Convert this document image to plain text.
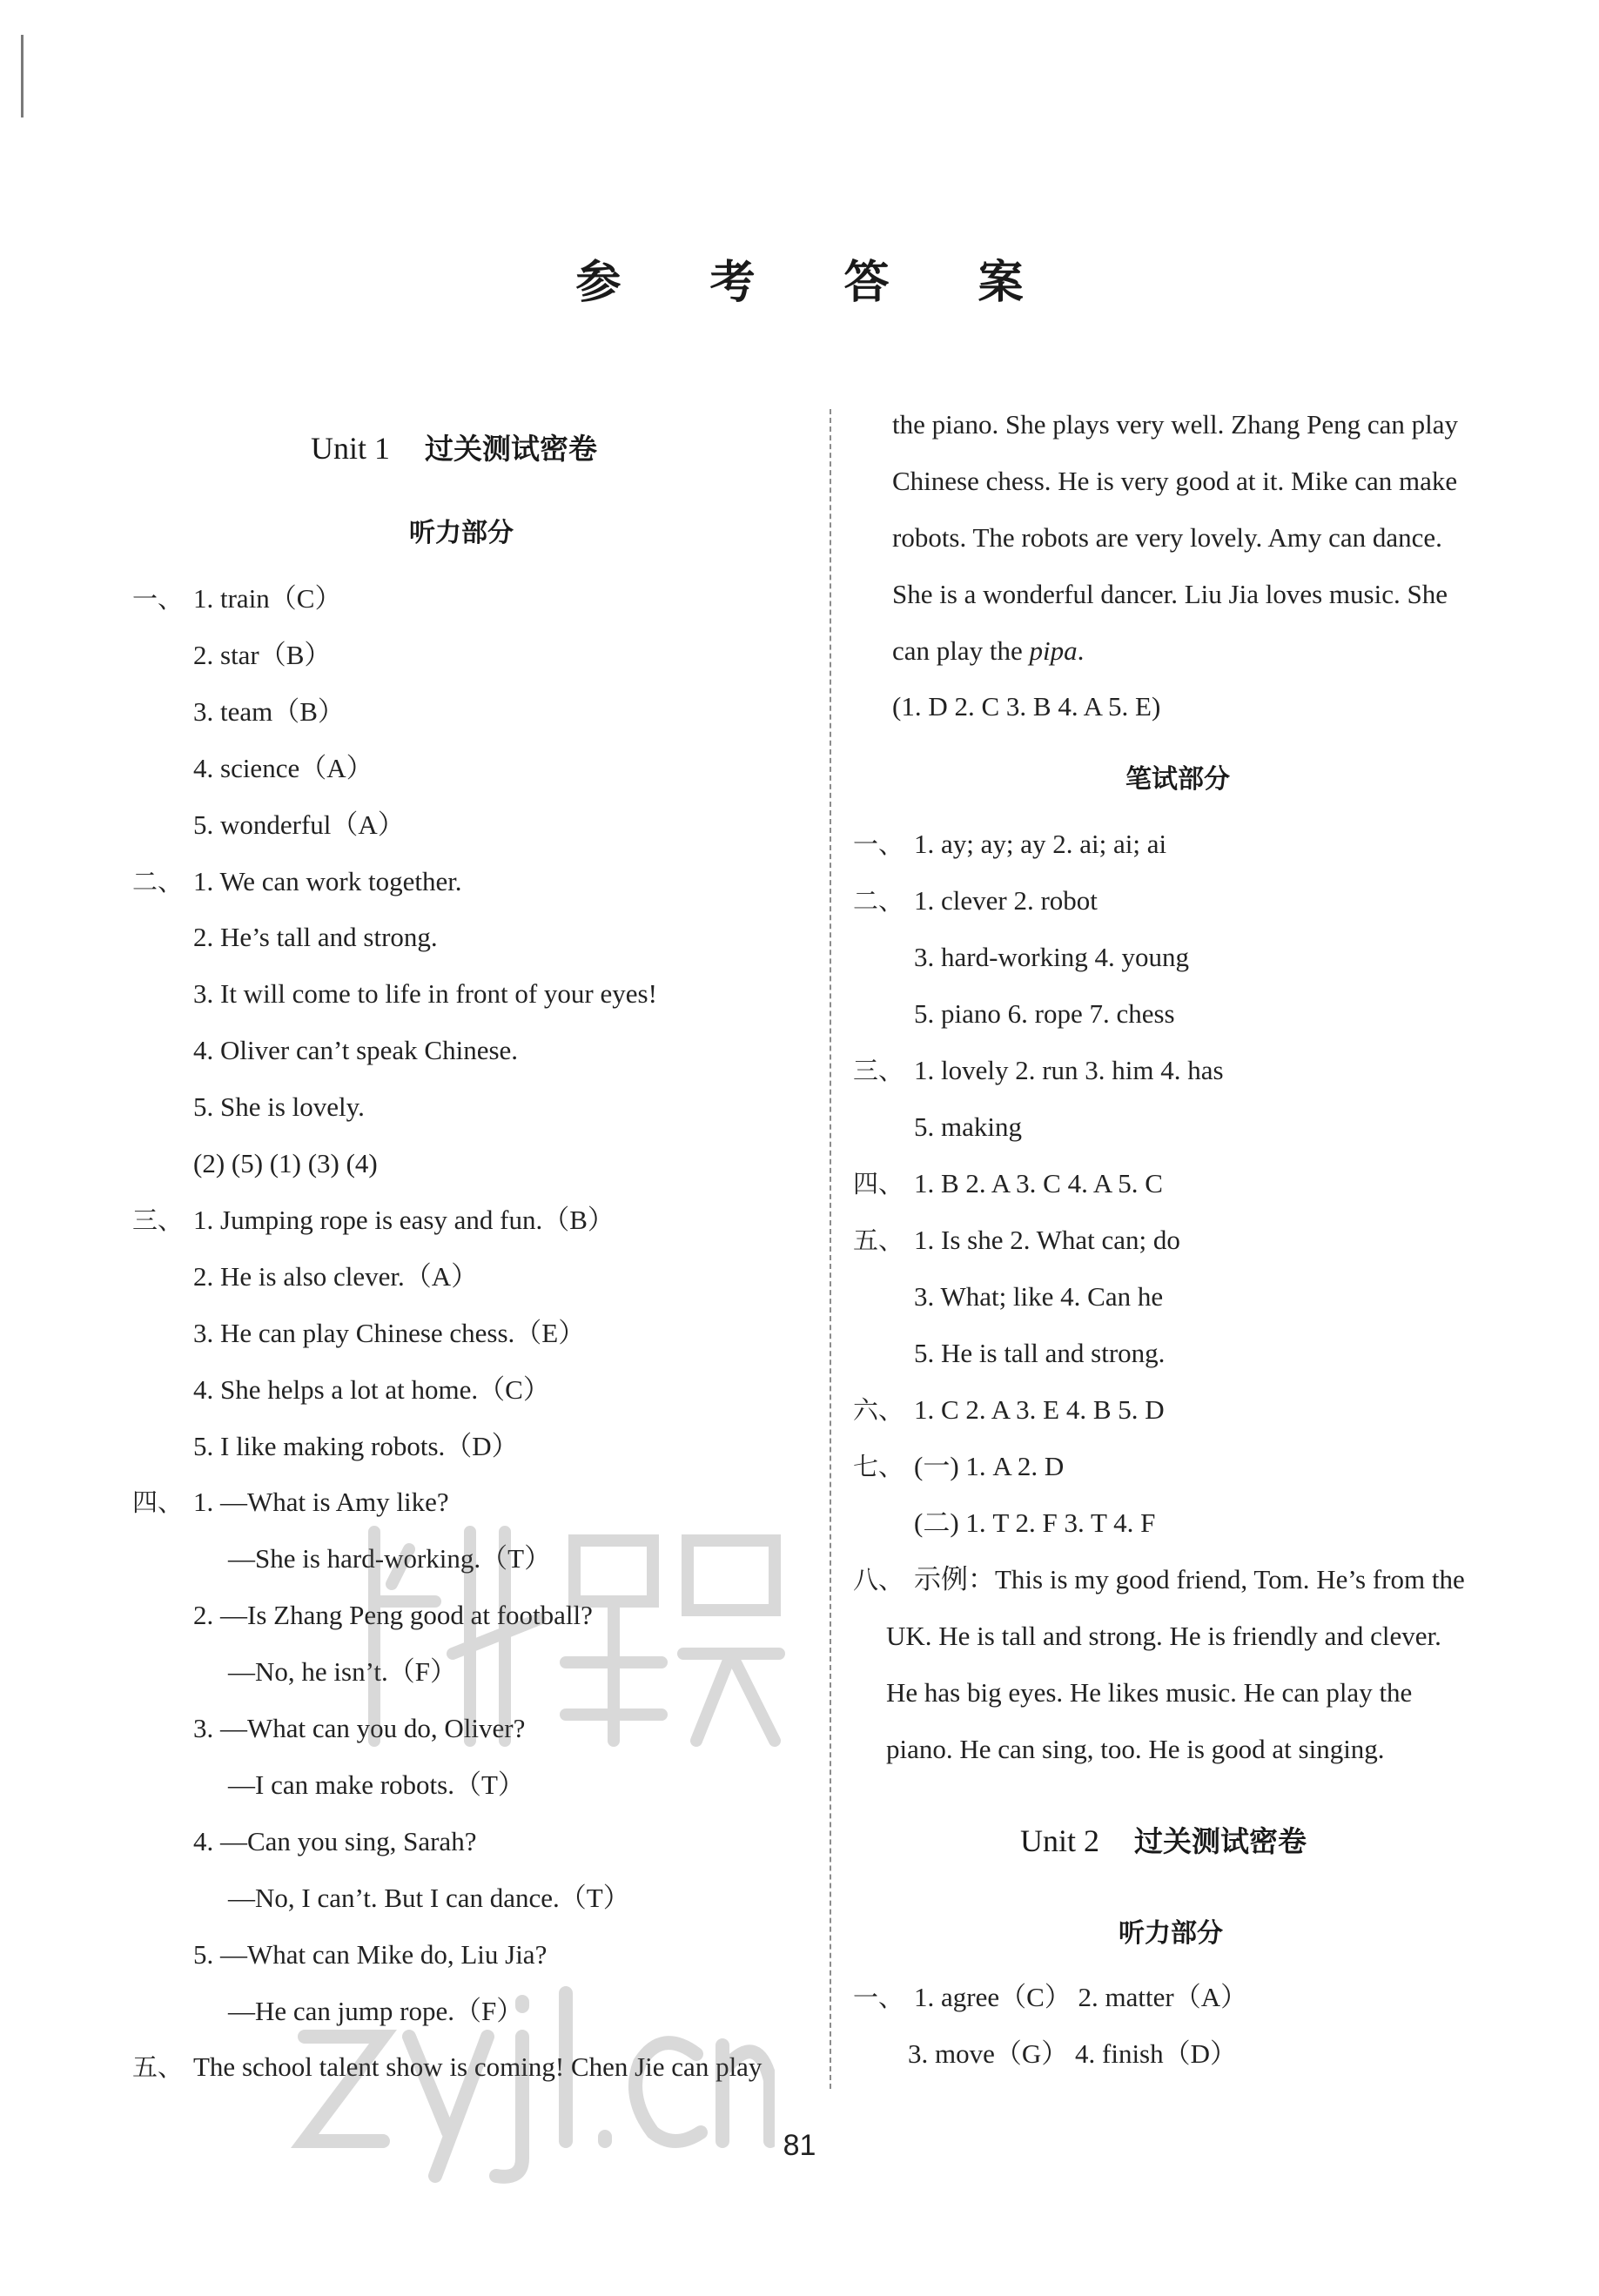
参 考 答 案
Unit 1 过关测试密卷
听力部分
一、 1. train（C）
2. star（B）
3. team（B）
4. science（A）
5. wonderful（A）
二、 1. We can work together.
2. He’s tall and strong.
3. It will come to life in front of your eyes!
4. Oliver can’t speak Chinese.
5. She is lovely.
(2) (5) (1) (3) (4)
三、 1. Jumping rope is easy and fun.（B）
2. He is also clever.（A）
3. He can play Chinese chess.（E）
4. She helps a lot at home.（C）
5. I like making robots.（D）
四、 1. —What is Amy like?
—She is hard-working.（T）
2. —Is Zhang Peng good at football?
—No, he isn’t.（F）
3. —What can you do, Oliver?
—I can make robots.（T）
4. —Can you sing, Sarah?
—No, I can’t. But I can dance.（T）
5. —What can Mike do, Liu Jia?
—He can jump rope.（F）
五、 The school talent show is coming! Chen Jie can play
the piano. She plays very well. Zhang Peng can play
Chinese chess. He is very good at it. Mike can make
robots. The robots are very lovely. Amy can dance.
She is a wonderful dancer. Liu Jia loves music. She
can play the pipa.
(1. D 2. C 3. B 4. A 5. E)
笔试部分
一、 1. ay; ay; ay 2. ai; ai; ai
二、 1. clever 2. robot
3. hard-working 4. young
5. piano 6. rope 7. chess
三、 1. lovely 2. run 3. him 4. has
5. making
四、 1. B 2. A 3. C 4. A 5. C
五、 1. Is she 2. What can; do
3. What; like 4. Can he
5. He is tall and strong.
六、 1. C 2. A 3. E 4. B 5. D
七、 (一) 1. A 2. D
(二) 1. T 2. F 3. T 4. F
八、 示例：This is my good friend, Tom. He’s from the
UK. He is tall and strong. He is friendly and clever.
He has big eyes. He likes music. He can play the
piano. He can sing, too. He is good at singing.
Unit 2 过关测试密卷
听力部分
一、 1. agree（C） 2. matter（A）
3. move（G） 4. finish（D）
81
